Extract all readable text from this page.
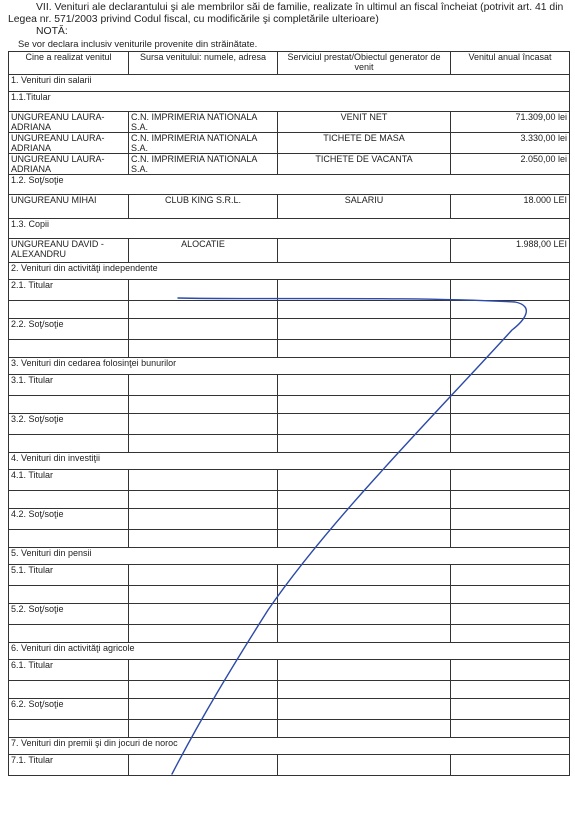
VII. Venituri ale declarantului şi ale membrilor săi de familie, realizate în ultimul an fiscal încheiat (potrivit art. 41 din Legea nr. 571/2003 privind Codul fiscal, cu modificările şi completările ulterioare)
NOTĂ:
Se vor declara inclusiv veniturile provenite din străinătate.
Cine a realizat venitul	Sursa venitului: numele, adresa	Serviciul prestat/Obiectul generator de venit	Venitul anual încasat
1. Venituri din salarii			
1.1.Titular			
UNGUREANU LAURA-ADRIANA	C.N. IMPRIMERIA NATIONALA S.A.	VENIT NET	71.309,00 lei
UNGUREANU LAURA-ADRIANA	C.N. IMPRIMERIA NATIONALA S.A.	TICHETE DE MASA	3.330,00 lei
UNGUREANU LAURA-ADRIANA	C.N. IMPRIMERIA NATIONALA S.A.	TICHETE DE VACANTA	2.050,00 lei
1.2. Soţ/soţie			
UNGUREANU MIHAI	CLUB KING S.R.L.	SALARIU	18.000 LEI
1.3. Copii			
UNGUREANU DAVID - ALEXANDRU	ALOCATIE		1.988,00 LEI
2. Venituri din activităţi independente			
2.1. Titular			

2.2. Soţ/soţie			

3. Venituri din cedarea folosinţei bunurilor			
3.1. Titular			

3.2. Soţ/soţie			

4. Venituri din investiţii			
4.1. Titular			

4.2. Soţ/soţie			

5. Venituri din pensii			
5.1. Titular			

5.2. Soţ/soţie			

6. Venituri din activităţi agricole			
6.1. Titular			

6.2. Soţ/soţie			

7. Venituri din premii şi din jocuri de noroc			
7.1. Titular			
